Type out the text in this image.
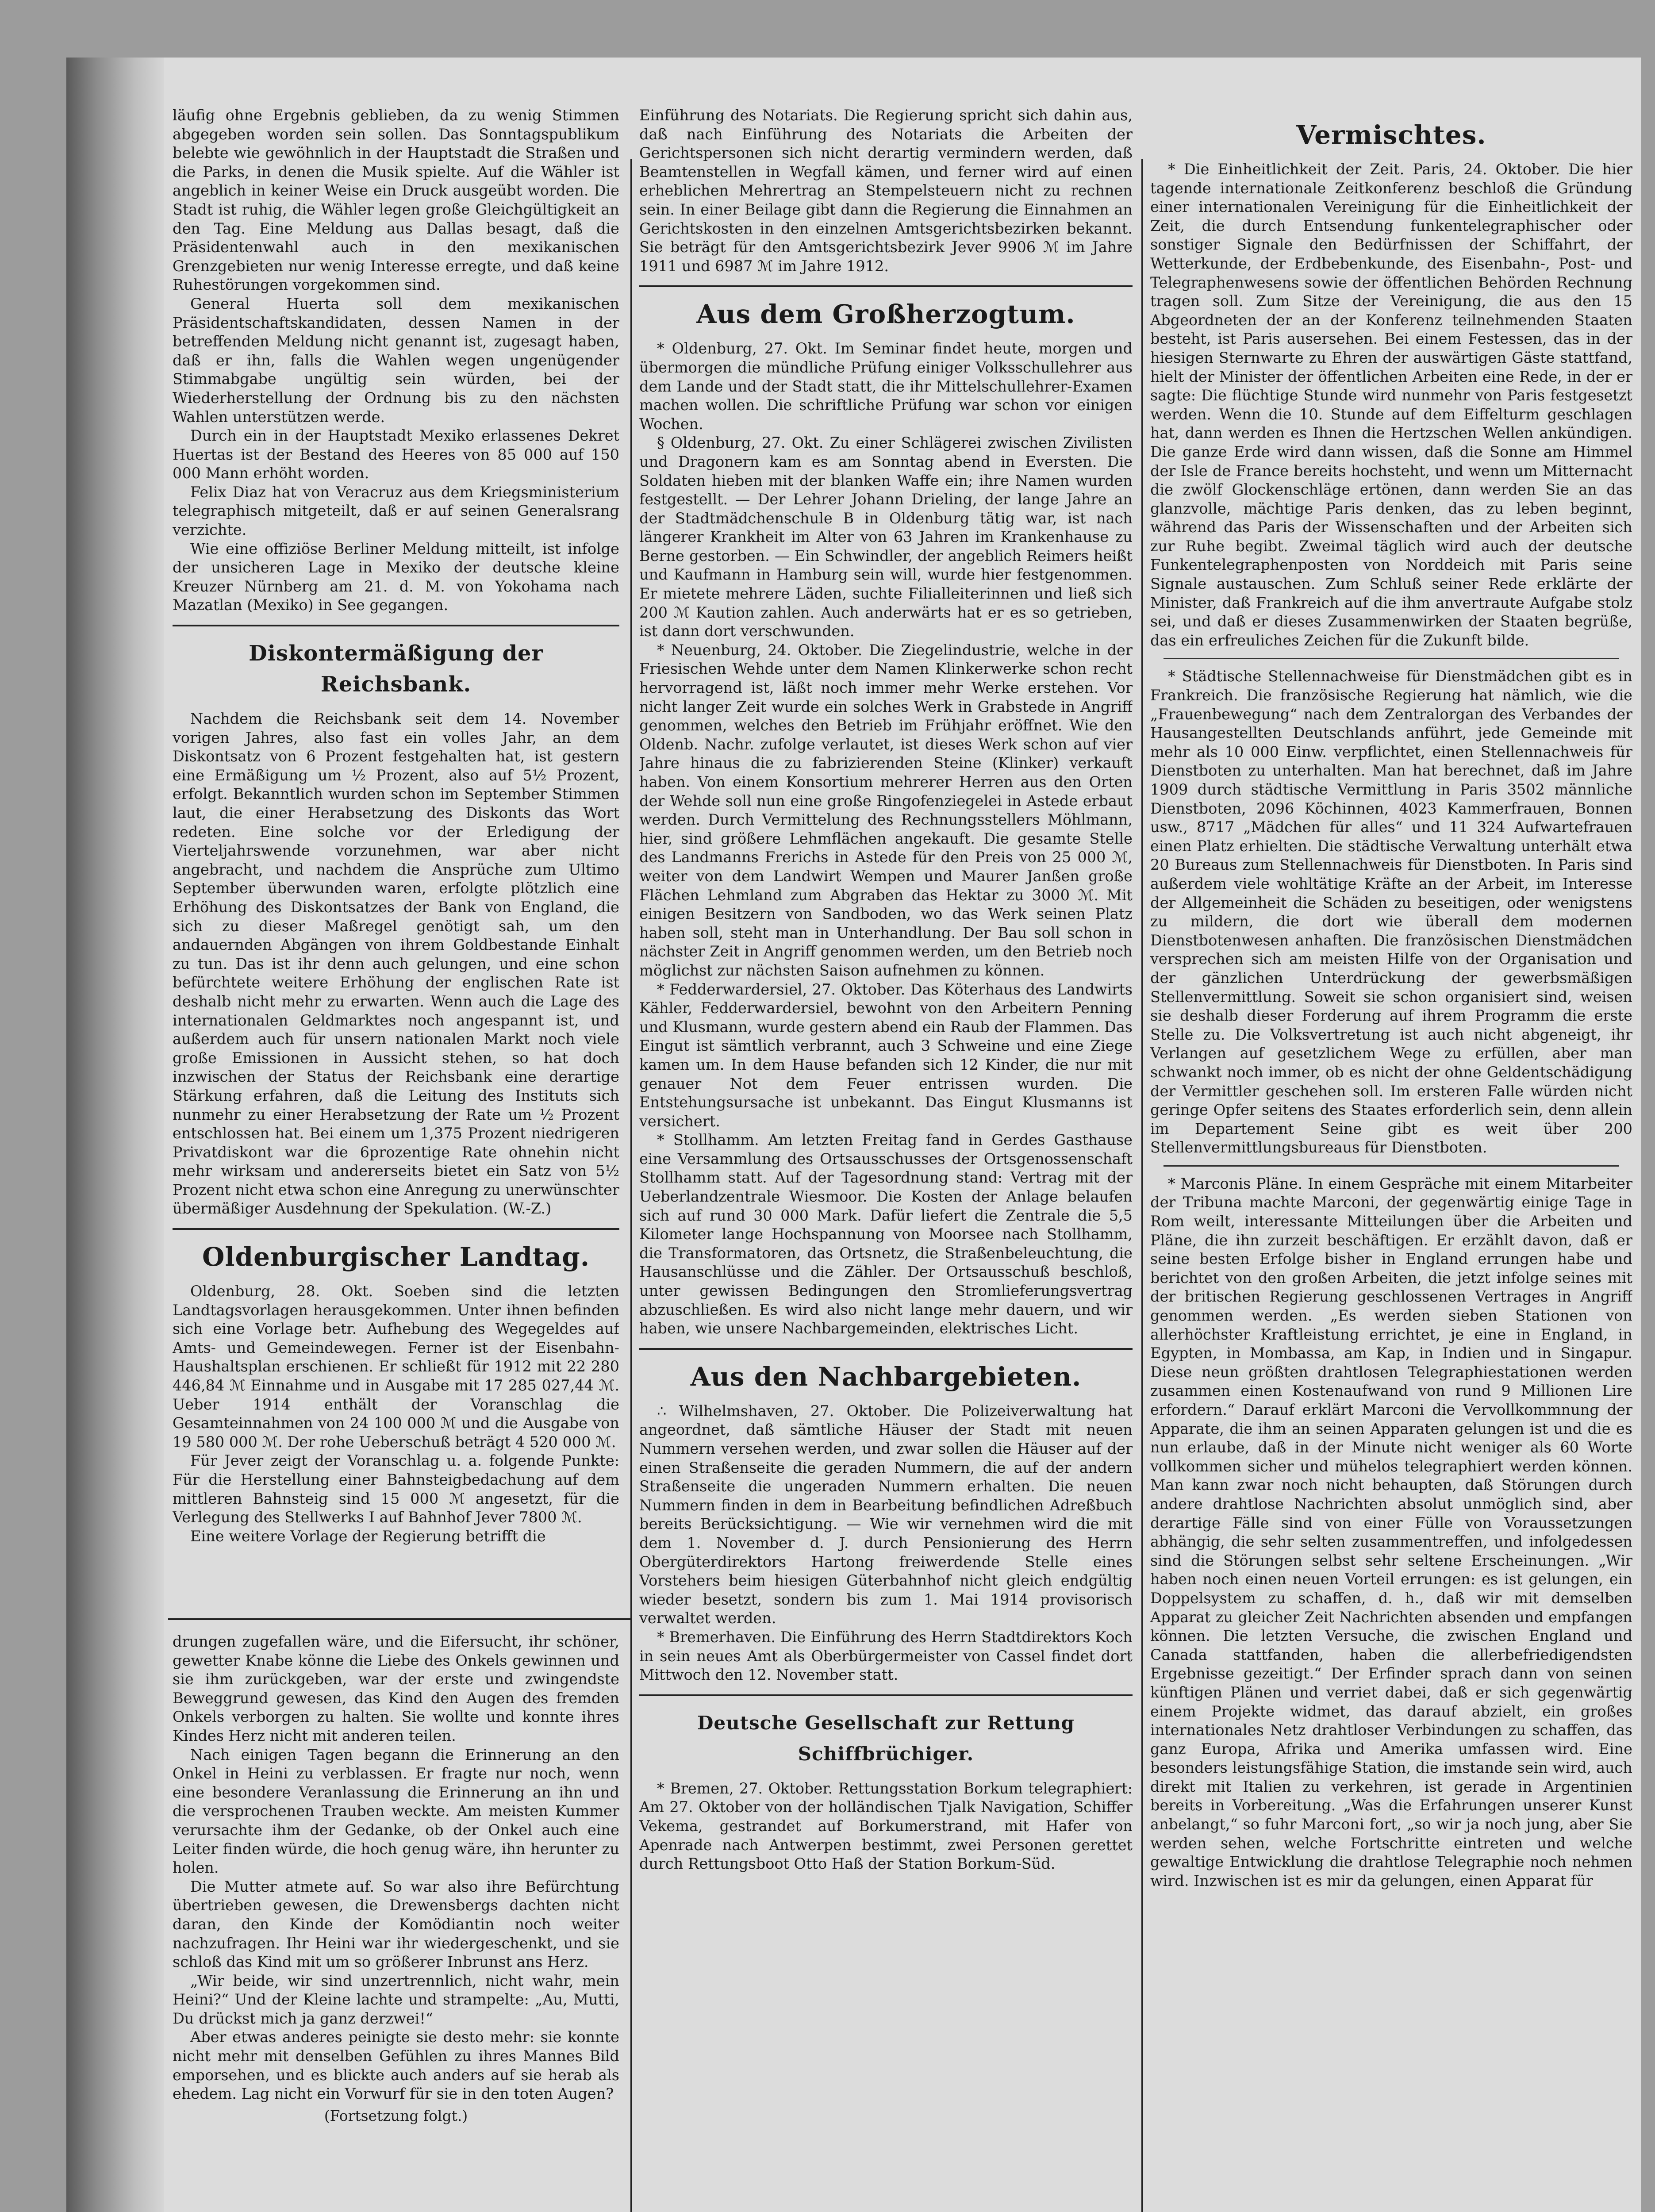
läufig ohne Ergebnis geblieben, da zu wenig Stimmen abgegeben worden sein sollen. Das Sonntagspublikum belebte wie gewöhnlich in der Hauptstadt die Straßen und die Parks, in denen die Musik spielte. Auf die Wähler ist angeblich in keiner Weise ein Druck ausgeübt worden. Die Stadt ist ruhig, die Wähler legen große Gleichgültigkeit an den Tag. Eine Meldung aus Dallas besagt, daß die Präsidentenwahl auch in den mexikanischen Grenzgebieten nur wenig Interesse erregte, und daß keine Ruhestörungen vorgekommen sind.

General Huerta soll dem mexikanischen Präsidentschaftskandidaten, dessen Namen in der betreffenden Meldung nicht genannt ist, zugesagt haben, daß er ihn, falls die Wahlen wegen ungenügender Stimmabgabe ungültig sein würden, bei der Wiederherstellung der Ordnung bis zu den nächsten Wahlen unterstützen werde.

Durch ein in der Hauptstadt Mexiko erlassenes Dekret Huertas ist der Bestand des Heeres von 85 000 auf 150 000 Mann erhöht worden.

Felix Diaz hat von Veracruz aus dem Kriegsministerium telegraphisch mitgeteilt, daß er auf seinen Generalsrang verzichte.

Wie eine offiziöse Berliner Meldung mitteilt, ist infolge der unsicheren Lage in Mexiko der deutsche kleine Kreuzer Nürnberg am 21. d. M. von Yokohama nach Mazatlan (Mexiko) in See gegangen.

Diskontermäßigung der Reichsbank.

Nachdem die Reichsbank seit dem 14. November vorigen Jahres, also fast ein volles Jahr, an dem Diskontsatz von 6 Prozent festgehalten hat, ist gestern eine Ermäßigung um ½ Prozent, also auf 5½ Prozent, erfolgt. Bekanntlich wurden schon im September Stimmen laut, die einer Herabsetzung des Diskonts das Wort redeten. Eine solche vor der Erledigung der Vierteljahrswende vorzunehmen, war aber nicht angebracht, und nachdem die Ansprüche zum Ultimo September überwunden waren, erfolgte plötzlich eine Erhöhung des Diskontsatzes der Bank von England, die sich zu dieser Maßregel genötigt sah, um den andauernden Abgängen von ihrem Goldbestande Einhalt zu tun. Das ist ihr denn auch gelungen, und eine schon befürchtete weitere Erhöhung der englischen Rate ist deshalb nicht mehr zu erwarten. Wenn auch die Lage des internationalen Geldmarktes noch angespannt ist, und außerdem auch für unsern nationalen Markt noch viele große Emissionen in Aussicht stehen, so hat doch inzwischen der Status der Reichsbank eine derartige Stärkung erfahren, daß die Leitung des Instituts sich nunmehr zu einer Herabsetzung der Rate um ½ Prozent entschlossen hat. Bei einem um 1,375 Prozent niedrigeren Privatdiskont war die 6prozentige Rate ohnehin nicht mehr wirksam und andererseits bietet ein Satz von 5½ Prozent nicht etwa schon eine Anregung zu unerwünschter übermäßiger Ausdehnung der Spekulation. (W.-Z.)

Oldenburgischer Landtag.

Oldenburg, 28. Okt. Soeben sind die letzten Landtagsvorlagen herausgekommen. Unter ihnen befinden sich eine Vorlage betr. Aufhebung des Wegegeldes auf Amts- und Gemeindewegen. Ferner ist der Eisenbahn-Haushaltsplan erschienen. Er schließt für 1912 mit 22 280 446,84 ℳ Einnahme und in Ausgabe mit 17 285 027,44 ℳ. Ueber 1914 enthält der Voranschlag die Gesamteinnahmen von 24 100 000 ℳ und die Ausgabe von 19 580 000 ℳ. Der rohe Ueberschuß beträgt 4 520 000 ℳ.

Für Jever zeigt der Voranschlag u. a. folgende Punkte: Für die Herstellung einer Bahnsteigbedachung auf dem mittleren Bahnsteig sind 15 000 ℳ angesetzt, für die Verlegung des Stellwerks I auf Bahnhof Jever 7800 ℳ.

Eine weitere Vorlage der Regierung betrifft die

drungen zugefallen wäre, und die Eifersucht, ihr schöner, gewetter Knabe könne die Liebe des Onkels gewinnen und sie ihm zurückgeben, war der erste und zwingendste Beweggrund gewesen, das Kind den Augen des fremden Onkels verborgen zu halten. Sie wollte und konnte ihres Kindes Herz nicht mit anderen teilen.

Nach einigen Tagen begann die Erinnerung an den Onkel in Heini zu verblassen. Er fragte nur noch, wenn eine besondere Veranlassung die Erinnerung an ihn und die versprochenen Trauben weckte. Am meisten Kummer verursachte ihm der Gedanke, ob der Onkel auch eine Leiter finden würde, die hoch genug wäre, ihn herunter zu holen.

Die Mutter atmete auf. So war also ihre Befürchtung übertrieben gewesen, die Drewensbergs dachten nicht daran, den Kinde der Komödiantin noch weiter nachzufragen. Ihr Heini war ihr wiedergeschenkt, und sie schloß das Kind mit um so größerer Inbrunst ans Herz.

„Wir beide, wir sind unzertrennlich, nicht wahr, mein Heini?“ Und der Kleine lachte und strampelte: „Au, Mutti, Du drückst mich ja ganz derzwei!“

Aber etwas anderes peinigte sie desto mehr: sie konnte nicht mehr mit denselben Gefühlen zu ihres Mannes Bild emporsehen, und es blickte auch anders auf sie herab als ehedem. Lag nicht ein Vorwurf für sie in den toten Augen?

(Fortsetzung folgt.)

Einführung des Notariats. Die Regierung spricht sich dahin aus, daß nach Einführung des Notariats die Arbeiten der Gerichtspersonen sich nicht derartig vermindern werden, daß Beamtenstellen in Wegfall kämen, und ferner wird auf einen erheblichen Mehrertrag an Stempelsteuern nicht zu rechnen sein. In einer Beilage gibt dann die Regierung die Einnahmen an Gerichtskosten in den einzelnen Amtsgerichtsbezirken bekannt. Sie beträgt für den Amtsgerichtsbezirk Jever 9906 ℳ im Jahre 1911 und 6987 ℳ im Jahre 1912.

Aus dem Großherzogtum.

* Oldenburg, 27. Okt. Im Seminar findet heute, morgen und übermorgen die mündliche Prüfung einiger Volksschullehrer aus dem Lande und der Stadt statt, die ihr Mittelschullehrer-Examen machen wollen. Die schriftliche Prüfung war schon vor einigen Wochen.

§ Oldenburg, 27. Okt. Zu einer Schlägerei zwischen Zivilisten und Dragonern kam es am Sonntag abend in Eversten. Die Soldaten hieben mit der blanken Waffe ein; ihre Namen wurden festgestellt. — Der Lehrer Johann Drieling, der lange Jahre an der Stadtmädchenschule B in Oldenburg tätig war, ist nach längerer Krankheit im Alter von 63 Jahren im Krankenhause zu Berne gestorben. — Ein Schwindler, der angeblich Reimers heißt und Kaufmann in Hamburg sein will, wurde hier festgenommen. Er mietete mehrere Läden, suchte Filialleiterinnen und ließ sich 200 ℳ Kaution zahlen. Auch anderwärts hat er es so getrieben, ist dann dort verschwunden.

* Neuenburg, 24. Oktober. Die Ziegelindustrie, welche in der Friesischen Wehde unter dem Namen Klinkerwerke schon recht hervorragend ist, läßt noch immer mehr Werke erstehen. Vor nicht langer Zeit wurde ein solches Werk in Grabstede in Angriff genommen, welches den Betrieb im Frühjahr eröffnet. Wie den Oldenb. Nachr. zufolge verlautet, ist dieses Werk schon auf vier Jahre hinaus die zu fabrizierenden Steine (Klinker) verkauft haben. Von einem Konsortium mehrerer Herren aus den Orten der Wehde soll nun eine große Ringofenziegelei in Astede erbaut werden. Durch Vermittelung des Rechnungsstellers Möhlmann, hier, sind größere Lehmflächen angekauft. Die gesamte Stelle des Landmanns Frerichs in Astede für den Preis von 25 000 ℳ, weiter von dem Landwirt Wempen und Maurer Janßen große Flächen Lehmland zum Abgraben das Hektar zu 3000 ℳ. Mit einigen Besitzern von Sandboden, wo das Werk seinen Platz haben soll, steht man in Unterhandlung. Der Bau soll schon in nächster Zeit in Angriff genommen werden, um den Betrieb noch möglichst zur nächsten Saison aufnehmen zu können.

* Fedderwardersiel, 27. Oktober. Das Köterhaus des Landwirts Kähler, Fedderwardersiel, bewohnt von den Arbeitern Penning und Klusmann, wurde gestern abend ein Raub der Flammen. Das Eingut ist sämtlich verbrannt, auch 3 Schweine und eine Ziege kamen um. In dem Hause befanden sich 12 Kinder, die nur mit genauer Not dem Feuer entrissen wurden. Die Entstehungsursache ist unbekannt. Das Eingut Klusmanns ist versichert.

* Stollhamm. Am letzten Freitag fand in Gerdes Gasthause eine Versammlung des Ortsausschusses der Ortsgenossenschaft Stollhamm statt. Auf der Tagesordnung stand: Vertrag mit der Ueberlandzentrale Wiesmoor. Die Kosten der Anlage belaufen sich auf rund 30 000 Mark. Dafür liefert die Zentrale die 5,5 Kilometer lange Hochspannung von Moorsee nach Stollhamm, die Transformatoren, das Ortsnetz, die Straßenbeleuchtung, die Hausanschlüsse und die Zähler. Der Ortsausschuß beschloß, unter gewissen Bedingungen den Stromlieferungsvertrag abzuschließen. Es wird also nicht lange mehr dauern, und wir haben, wie unsere Nachbargemeinden, elektrisches Licht.

Aus den Nachbargebieten.

∴ Wilhelmshaven, 27. Oktober. Die Polizeiverwaltung hat angeordnet, daß sämtliche Häuser der Stadt mit neuen Nummern versehen werden, und zwar sollen die Häuser auf der einen Straßenseite die geraden Nummern, die auf der andern Straßenseite die ungeraden Nummern erhalten. Die neuen Nummern finden in dem in Bearbeitung befindlichen Adreßbuch bereits Berücksichtigung. — Wie wir vernehmen wird die mit dem 1. November d. J. durch Pensionierung des Herrn Obergüterdirektors Hartong freiwerdende Stelle eines Vorstehers beim hiesigen Güterbahnhof nicht gleich endgültig wieder besetzt, sondern bis zum 1. Mai 1914 provisorisch verwaltet werden.

* Bremerhaven. Die Einführung des Herrn Stadtdirektors Koch in sein neues Amt als Oberbürgermeister von Cassel findet dort Mittwoch den 12. November statt.

Deutsche Gesellschaft zur Rettung Schiffbrüchiger.

* Bremen, 27. Oktober. Rettungsstation Borkum telegraphiert: Am 27. Oktober von der holländischen Tjalk Navigation, Schiffer Vekema, gestrandet auf Borkumerstrand, mit Hafer von Apenrade nach Antwerpen bestimmt, zwei Personen gerettet durch Rettungsboot Otto Haß der Station Borkum-Süd.

Vermischtes.

* Die Einheitlichkeit der Zeit. Paris, 24. Oktober. Die hier tagende internationale Zeitkonferenz beschloß die Gründung einer internationalen Vereinigung für die Einheitlichkeit der Zeit, die durch Entsendung funkentelegraphischer oder sonstiger Signale den Bedürfnissen der Schiffahrt, der Wetterkunde, der Erdbebenkunde, des Eisenbahn-, Post- und Telegraphenwesens sowie der öffentlichen Behörden Rechnung tragen soll. Zum Sitze der Vereinigung, die aus den 15 Abgeordneten der an der Konferenz teilnehmenden Staaten besteht, ist Paris ausersehen. Bei einem Festessen, das in der hiesigen Sternwarte zu Ehren der auswärtigen Gäste stattfand, hielt der Minister der öffentlichen Arbeiten eine Rede, in der er sagte: Die flüchtige Stunde wird nunmehr von Paris festgesetzt werden. Wenn die 10. Stunde auf dem Eiffelturm geschlagen hat, dann werden es Ihnen die Hertzschen Wellen ankündigen. Die ganze Erde wird dann wissen, daß die Sonne am Himmel der Isle de France bereits hochsteht, und wenn um Mitternacht die zwölf Glockenschläge ertönen, dann werden Sie an das glanzvolle, mächtige Paris denken, das zu leben beginnt, während das Paris der Wissenschaften und der Arbeiten sich zur Ruhe begibt. Zweimal täglich wird auch der deutsche Funkentelegraphenposten von Norddeich mit Paris seine Signale austauschen. Zum Schluß seiner Rede erklärte der Minister, daß Frankreich auf die ihm anvertraute Aufgabe stolz sei, und daß er dieses Zusammenwirken der Staaten begrüße, das ein erfreuliches Zeichen für die Zukunft bilde.

* Städtische Stellennachweise für Dienstmädchen gibt es in Frankreich. Die französische Regierung hat nämlich, wie die „Frauenbewegung“ nach dem Zentralorgan des Verbandes der Hausangestellten Deutschlands anführt, jede Gemeinde mit mehr als 10 000 Einw. verpflichtet, einen Stellennachweis für Dienstboten zu unterhalten. Man hat berechnet, daß im Jahre 1909 durch städtische Vermittlung in Paris 3502 männliche Dienstboten, 2096 Köchinnen, 4023 Kammerfrauen, Bonnen usw., 8717 „Mädchen für alles“ und 11 324 Aufwartefrauen einen Platz erhielten. Die städtische Verwaltung unterhält etwa 20 Bureaus zum Stellennachweis für Dienstboten. In Paris sind außerdem viele wohltätige Kräfte an der Arbeit, im Interesse der Allgemeinheit die Schäden zu beseitigen, oder wenigstens zu mildern, die dort wie überall dem modernen Dienstbotenwesen anhaften. Die französischen Dienstmädchen versprechen sich am meisten Hilfe von der Organisation und der gänzlichen Unterdrückung der gewerbsmäßigen Stellenvermittlung. Soweit sie schon organisiert sind, weisen sie deshalb dieser Forderung auf ihrem Programm die erste Stelle zu. Die Volksvertretung ist auch nicht abgeneigt, ihr Verlangen auf gesetzlichem Wege zu erfüllen, aber man schwankt noch immer, ob es nicht der ohne Geldentschädigung der Vermittler geschehen soll. Im ersteren Falle würden nicht geringe Opfer seitens des Staates erforderlich sein, denn allein im Departement Seine gibt es weit über 200 Stellenvermittlungsbureaus für Dienstboten.

* Marconis Pläne. In einem Gespräche mit einem Mitarbeiter der Tribuna machte Marconi, der gegenwärtig einige Tage in Rom weilt, interessante Mitteilungen über die Arbeiten und Pläne, die ihn zurzeit beschäftigen. Er erzählt davon, daß er seine besten Erfolge bisher in England errungen habe und berichtet von den großen Arbeiten, die jetzt infolge seines mit der britischen Regierung geschlossenen Vertrages in Angriff genommen werden. „Es werden sieben Stationen von allerhöchster Kraftleistung errichtet, je eine in England, in Egypten, in Mombassa, am Kap, in Indien und in Singapur. Diese neun größten drahtlosen Telegraphiestationen werden zusammen einen Kostenaufwand von rund 9 Millionen Lire erfordern.“ Darauf erklärt Marconi die Vervollkommnung der Apparate, die ihm an seinen Apparaten gelungen ist und die es nun erlaube, daß in der Minute nicht weniger als 60 Worte vollkommen sicher und mühelos telegraphiert werden können. Man kann zwar noch nicht behaupten, daß Störungen durch andere drahtlose Nachrichten absolut unmöglich sind, aber derartige Fälle sind von einer Fülle von Voraussetzungen abhängig, die sehr selten zusammentreffen, und infolgedessen sind die Störungen selbst sehr seltene Erscheinungen. „Wir haben noch einen neuen Vorteil errungen: es ist gelungen, ein Doppelsystem zu schaffen, d. h., daß wir mit demselben Apparat zu gleicher Zeit Nachrichten absenden und empfangen können. Die letzten Versuche, die zwischen England und Canada stattfanden, haben die allerbefriedigendsten Ergebnisse gezeitigt.“ Der Erfinder sprach dann von seinen künftigen Plänen und verriet dabei, daß er sich gegenwärtig einem Projekte widmet, das darauf abzielt, ein großes internationales Netz drahtloser Verbindungen zu schaffen, das ganz Europa, Afrika und Amerika umfassen wird. Eine besonders leistungsfähige Station, die imstande sein wird, auch direkt mit Italien zu verkehren, ist gerade in Argentinien bereits in Vorbereitung. „Was die Erfahrungen unserer Kunst anbelangt,“ so fuhr Marconi fort, „so wir ja noch jung, aber Sie werden sehen, welche Fortschritte eintreten und welche gewaltige Entwicklung die drahtlose Telegraphie noch nehmen wird. Inzwischen ist es mir da gelungen, einen Apparat für
